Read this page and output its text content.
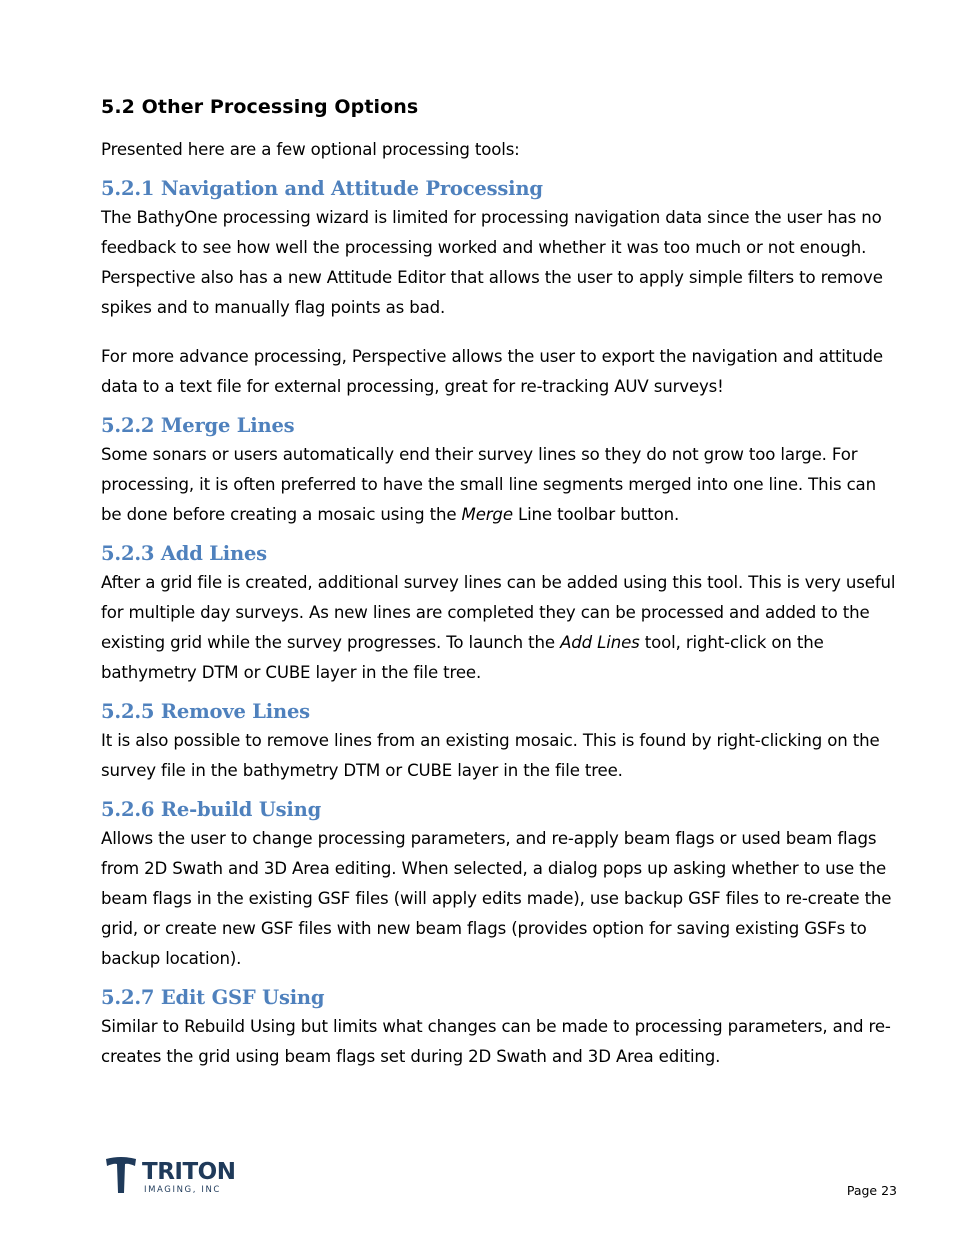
5.2 Other Processing Options

Presented here are a few optional processing tools:

5.2.1 Navigation and Attitude Processing

The BathyOne processing wizard is limited for processing navigation data since the user has no feedback to see how well the processing worked and whether it was too much or not enough. Perspective also has a new Attitude Editor that allows the user to apply simple filters to remove spikes and to manually flag points as bad.

For more advance processing, Perspective allows the user to export the navigation and attitude data to a text file for external processing, great for re-tracking AUV surveys!

5.2.2 Merge Lines

Some sonars or users automatically end their survey lines so they do not grow too large. For processing, it is often preferred to have the small line segments merged into one line. This can be done before creating a mosaic using the Merge Line toolbar button.

5.2.3 Add Lines

After a grid file is created, additional survey lines can be added using this tool. This is very useful for multiple day surveys. As new lines are completed they can be processed and added to the existing grid while the survey progresses. To launch the Add Lines tool, right-click on the bathymetry DTM or CUBE layer in the file tree.

5.2.5 Remove Lines

It is also possible to remove lines from an existing mosaic. This is found by right-clicking on the survey file in the bathymetry DTM or CUBE layer in the file tree.

5.2.6 Re-build Using

Allows the user to change processing parameters, and re-apply beam flags or used beam flags from 2D Swath and 3D Area editing. When selected, a dialog pops up asking whether to use the beam flags in the existing GSF files (will apply edits made), use backup GSF files to re-create the grid, or create new GSF files with new beam flags (provides option for saving existing GSFs to backup location).

5.2.7 Edit GSF Using

Similar to Rebuild Using but limits what changes can be made to processing parameters, and re-creates the grid using beam flags set during 2D Swath and 3D Area editing.

TRITON
IMAGING, INC	Page 23
